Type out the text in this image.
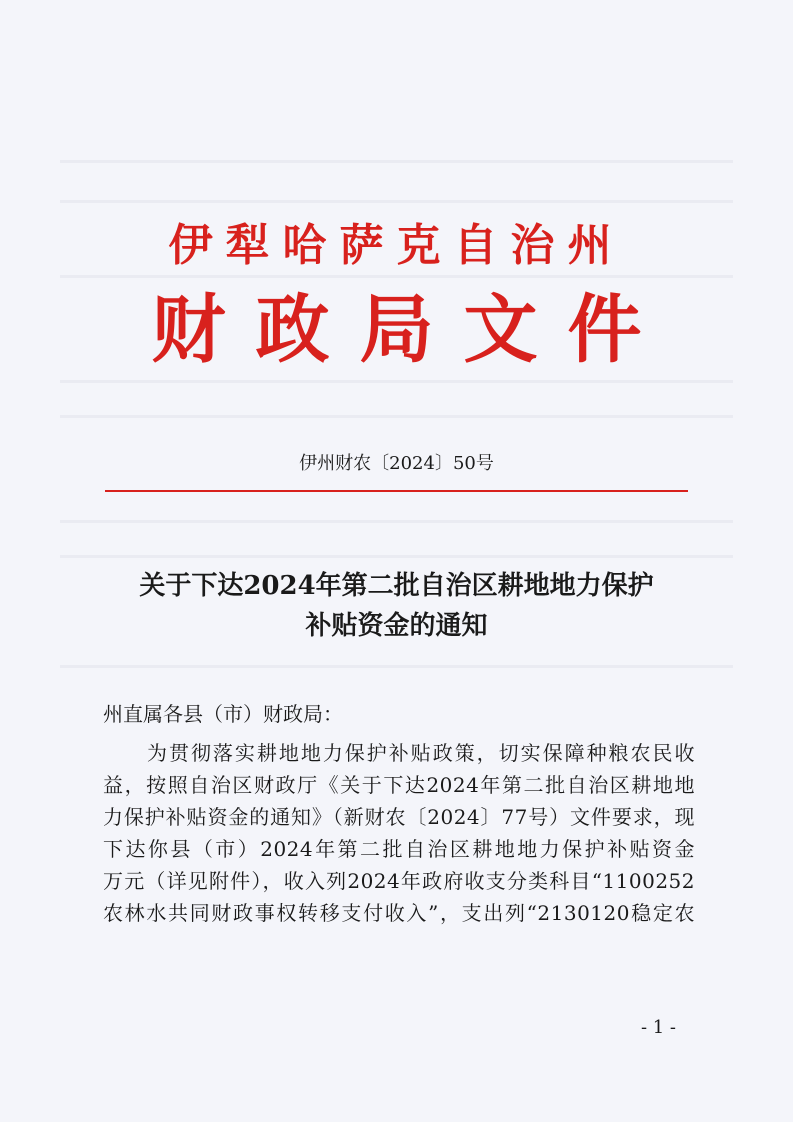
伊犁哈萨克自治州
财政局文件
伊州财农〔2024〕50号
关于下达2024年第二批自治区耕地地力保护
补贴资金的通知
州直属各县（市）财政局：
为贯彻落实耕地地力保护补贴政策，切实保障种粮农民收
益，按照自治区财政厅《关于下达2024年第二批自治区耕地地
力保护补贴资金的通知》（新财农〔2024〕77号）文件要求，现
下达你县（市）2024年第二批自治区耕地地力保护补贴资金
万元（详见附件），收入列2024年政府收支分类科目“1100252
农林水共同财政事权转移支付收入”，支出列“2130120稳定农
- 1 -
